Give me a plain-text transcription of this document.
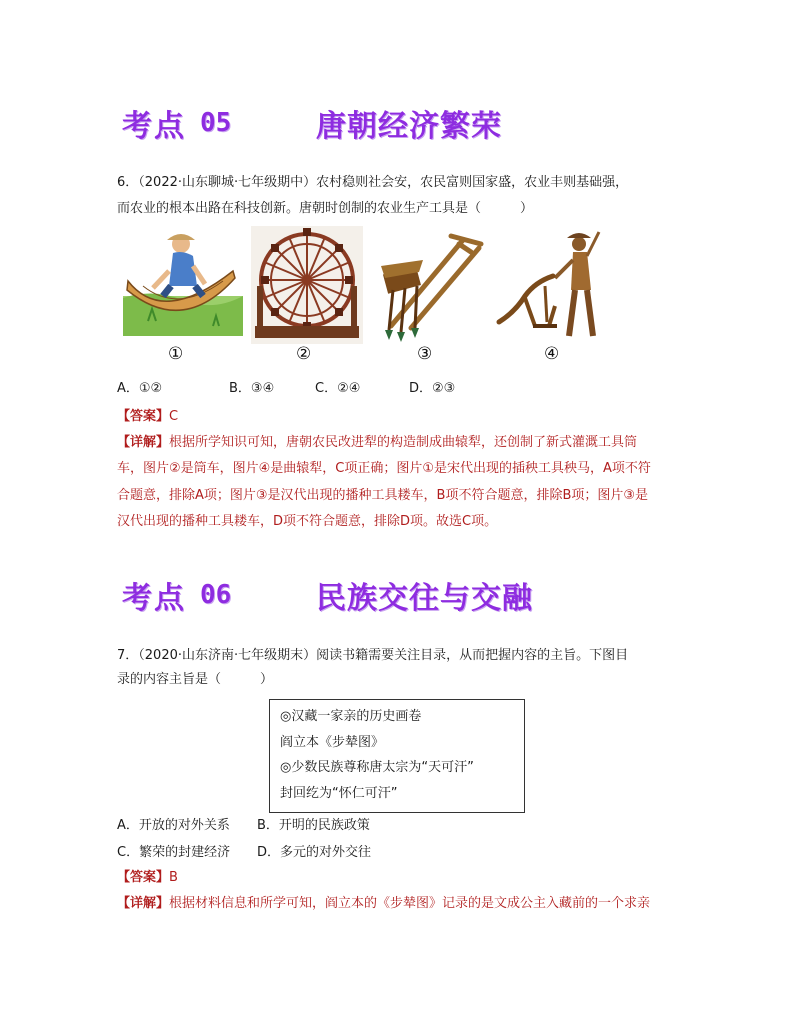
考点 05	唐朝经济繁荣
6．（2022·山东聊城·七年级期中）农村稳则社会安，农民富则国家盛，农业丰则基础强，
而农业的根本出路在科技创新。唐朝时创制的农业生产工具是（　　　）
①	②	③	④
A．①②	B．③④	C．②④	D．②③
【答案】C
【详解】根据所学知识可知，唐朝农民改进犁的构造制成曲辕犁，还创制了新式灌溉工具筒
车，图片②是筒车，图片④是曲辕犁，C项正确；图片①是宋代出现的插秧工具秧马，A项不符
合题意，排除A项；图片③是汉代出现的播种工具耧车，B项不符合题意，排除B项；图片③是
汉代出现的播种工具耧车，D项不符合题意，排除D项。故选C项。
考点 06	民族交往与交融
7．（2020·山东济南·七年级期末）阅读书籍需要关注目录，从而把握内容的主旨。下图目
录的内容主旨是（　　　）
◎汉藏一家亲的历史画卷
阎立本《步辇图》
◎少数民族尊称唐太宗为“天可汗”
封回纥为“怀仁可汗”
A．开放的对外关系 B．开明的民族政策
C．繁荣的封建经济 D．多元的对外交往
【答案】B
【详解】根据材料信息和所学可知，阎立本的《步辇图》记录的是文成公主入藏前的一个求亲
